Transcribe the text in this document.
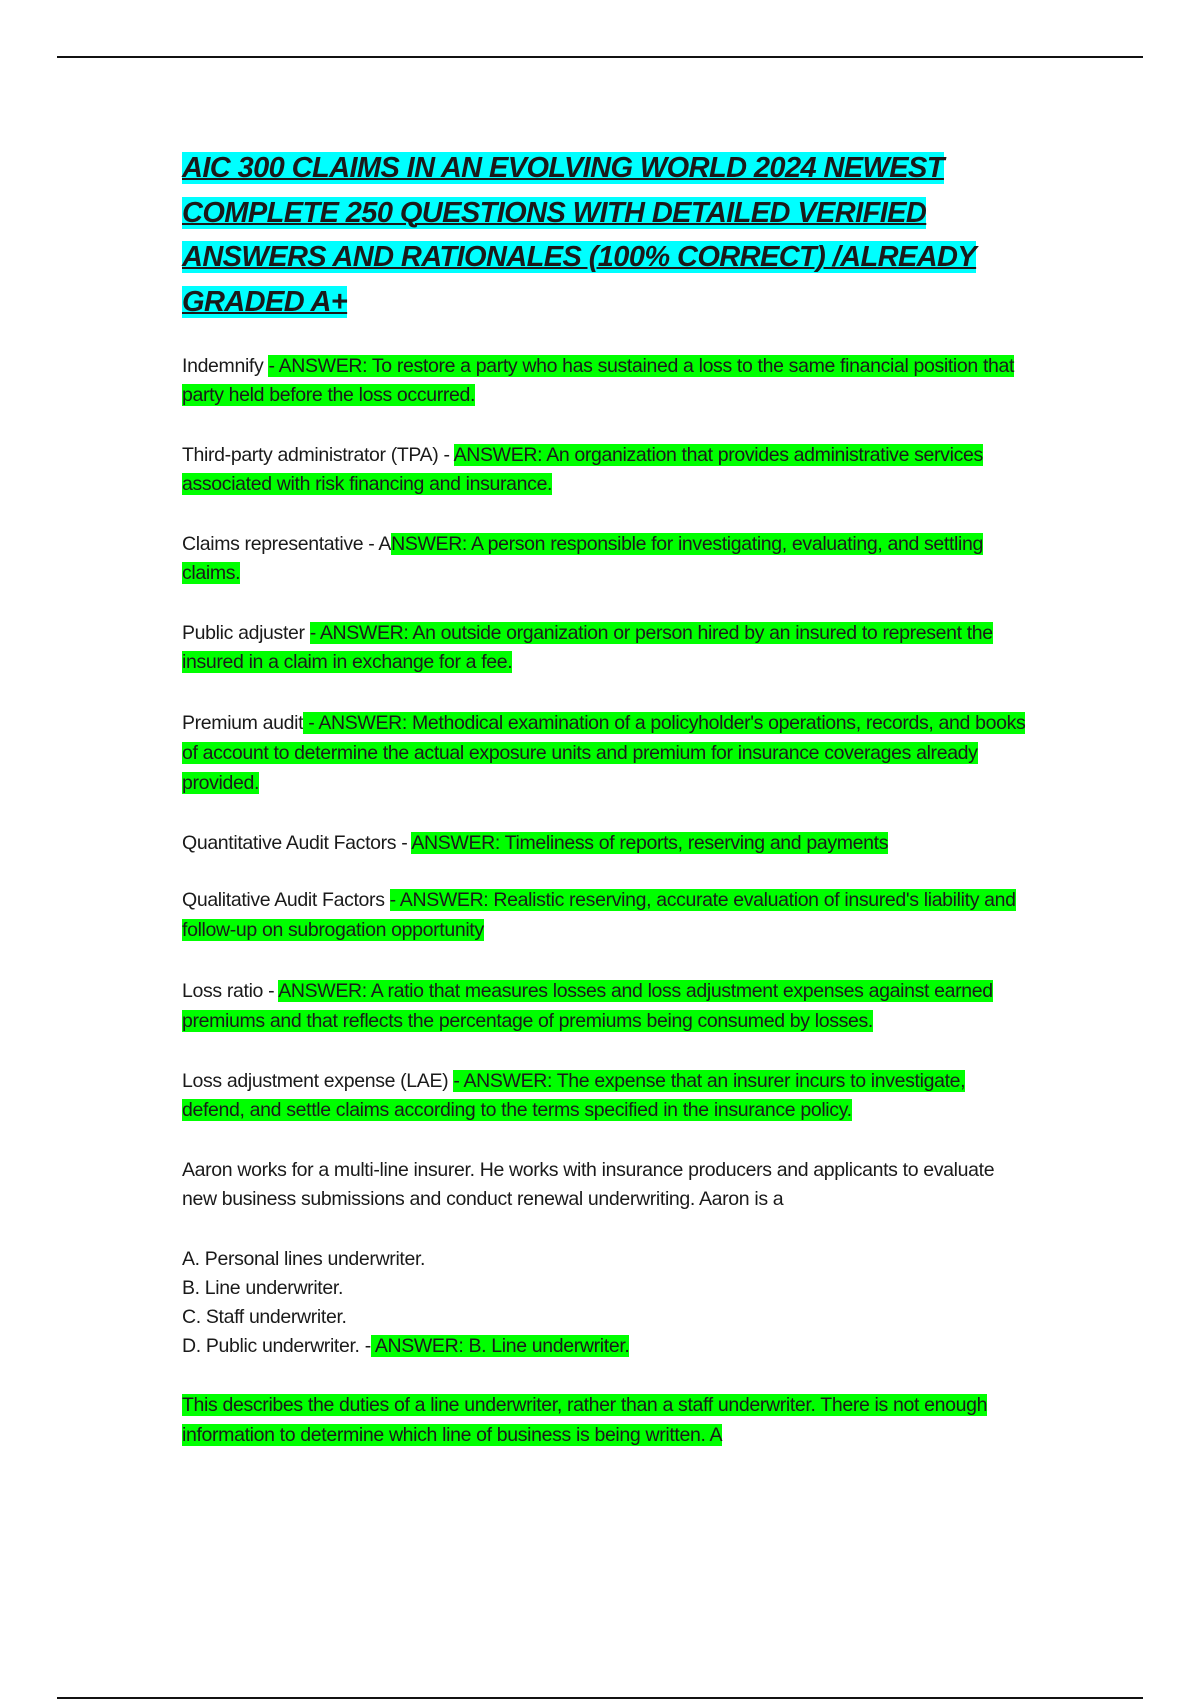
AIC 300 CLAIMS IN AN EVOLVING WORLD 2024 NEWEST COMPLETE 250 QUESTIONS WITH DETAILED VERIFIED ANSWERS AND RATIONALES (100% CORRECT) /ALREADY GRADED A+

Indemnify - ANSWER: To restore a party who has sustained a loss to the same financial position that party held before the loss occurred.

Third-party administrator (TPA) - ANSWER: An organization that provides administrative services associated with risk financing and insurance.

Claims representative - ANSWER: A person responsible for investigating, evaluating, and settling claims.

Public adjuster - ANSWER: An outside organization or person hired by an insured to represent the insured in a claim in exchange for a fee.

Premium audit - ANSWER: Methodical examination of a policyholder's operations, records, and books of account to determine the actual exposure units and premium for insurance coverages already provided.

Quantitative Audit Factors - ANSWER: Timeliness of reports, reserving and payments

Qualitative Audit Factors - ANSWER: Realistic reserving, accurate evaluation of insured's liability and follow-up on subrogation opportunity

Loss ratio - ANSWER: A ratio that measures losses and loss adjustment expenses against earned premiums and that reflects the percentage of premiums being consumed by losses.

Loss adjustment expense (LAE) - ANSWER: The expense that an insurer incurs to investigate, defend, and settle claims according to the terms specified in the insurance policy.

Aaron works for a multi-line insurer. He works with insurance producers and applicants to evaluate new business submissions and conduct renewal underwriting. Aaron is a

A. Personal lines underwriter.

B. Line underwriter.

C. Staff underwriter.

D. Public underwriter. - ANSWER: B. Line underwriter.

This describes the duties of a line underwriter, rather than a staff underwriter. There is not enough information to determine which line of business is being written. A
